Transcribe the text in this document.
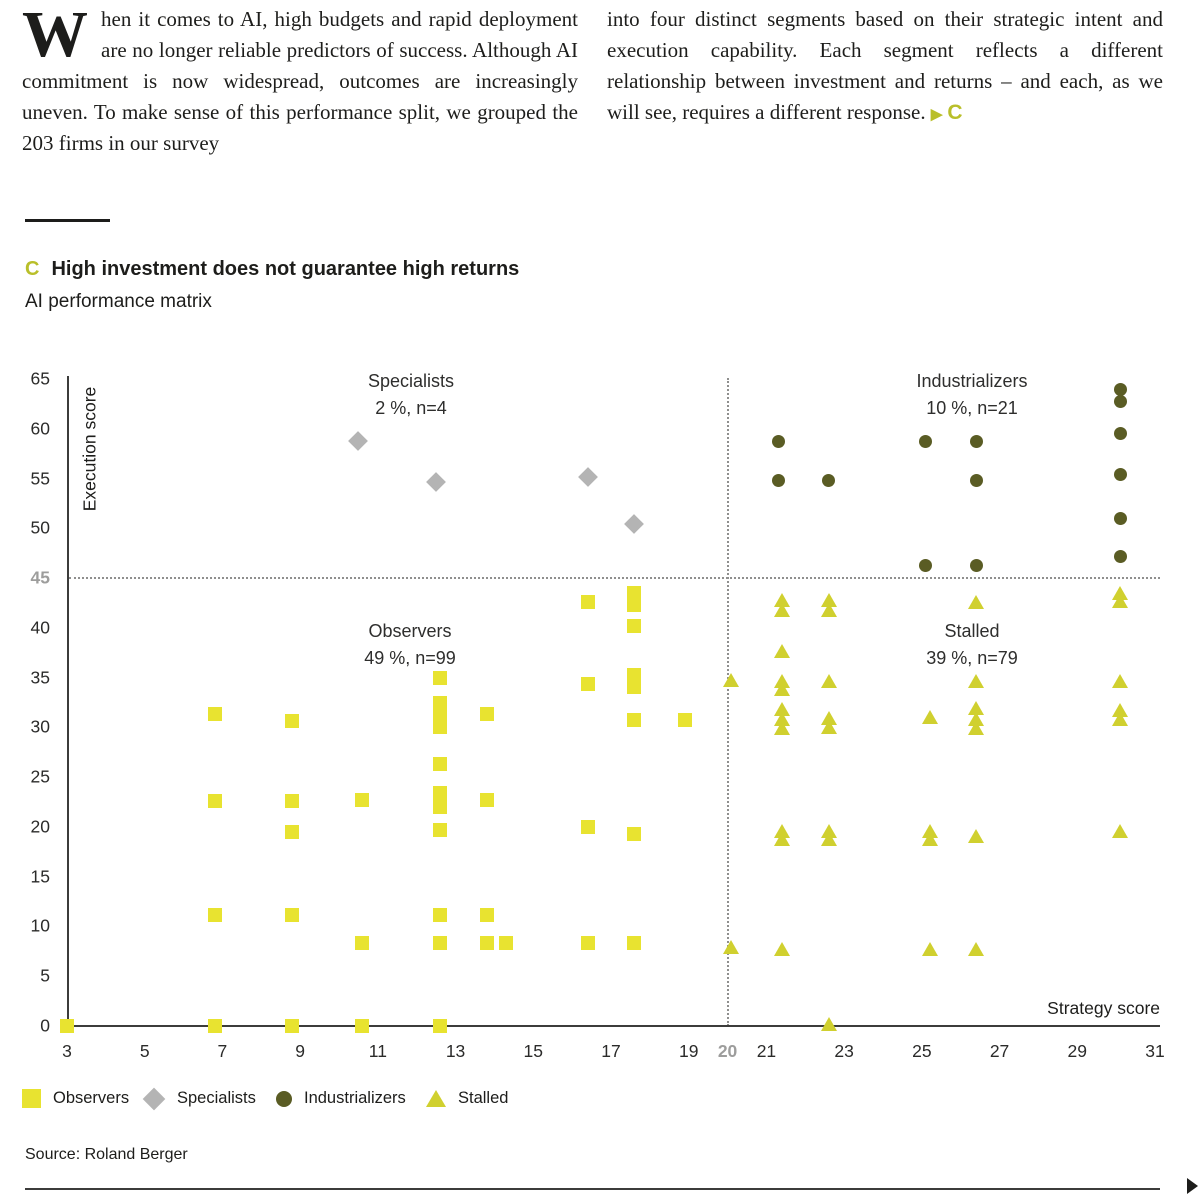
When it comes to AI, high budgets and rapid deployment are no longer reliable predictors of success. Although AI commitment is now widespread, outcomes are increasingly uneven. To make sense of this performance split, we grouped the 203 firms in our survey

into four distinct segments based on their strategic intent and execution capability. Each segment reflects a different relationship between investment and returns – and each, as we will see, requires a different response. ▶ C

C High investment does not guarantee high returns
AI performance matrix
Execution score
Strategy score
Specialists
2 %, n=4
Industrializers
10 %, n=21
Observers
49 %, n=99
Stalled
39 %, n=79
3	5	7	9	11	13	15	17	19 20 21	23	25	27	29	31
0
5
10
15
20
25
30
35
40
45
50
55
60
65
Observers	Specialists	Industrializers	Stalled
Source: Roland Berger
